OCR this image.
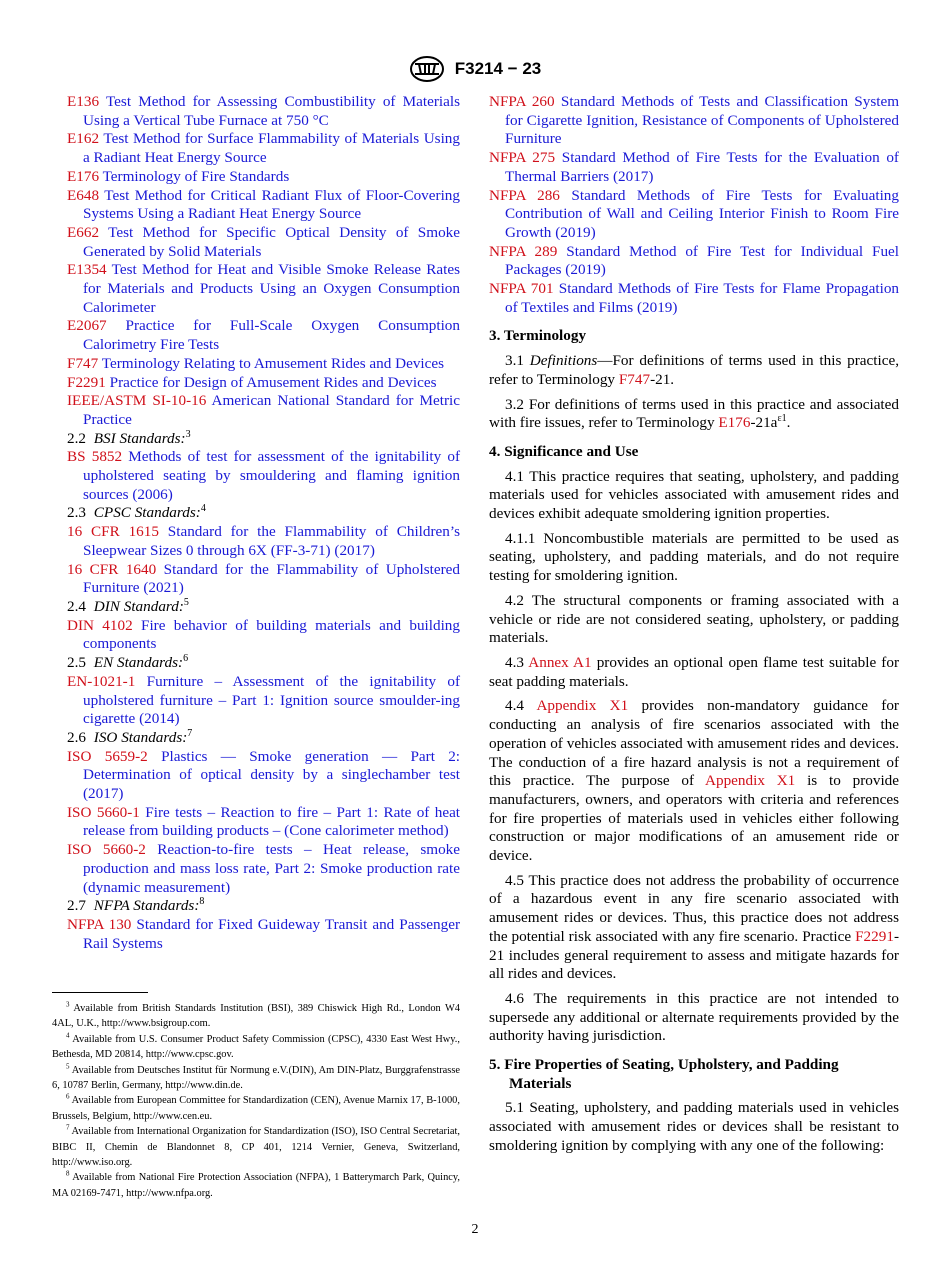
F3214 − 23

E136 Test Method for Assessing Combustibility of Materials Using a Vertical Tube Furnace at 750 °C

E162 Test Method for Surface Flammability of Materials Using a Radiant Heat Energy Source

E176 Terminology of Fire Standards

E648 Test Method for Critical Radiant Flux of Floor-Covering Systems Using a Radiant Heat Energy Source

E662 Test Method for Specific Optical Density of Smoke Generated by Solid Materials

E1354 Test Method for Heat and Visible Smoke Release Rates for Materials and Products Using an Oxygen Consumption Calorimeter

E2067 Practice for Full-Scale Oxygen Consumption Calorimetry Fire Tests

F747 Terminology Relating to Amusement Rides and Devices

F2291 Practice for Design of Amusement Rides and Devices

IEEE/ASTM SI-10-16 American National Standard for Metric Practice

2.2 BSI Standards:$^3$

BS 5852 Methods of test for assessment of the ignitability of upholstered seating by smouldering and flaming ignition sources (2006)

2.3 CPSC Standards:$^4$

16 CFR 1615 Standard for the Flammability of Children’s Sleepwear Sizes 0 through 6X (FF-3-71) (2017)

16 CFR 1640 Standard for the Flammability of Upholstered Furniture (2021)

2.4 DIN Standard:$^5$

DIN 4102 Fire behavior of building materials and building components

2.5 EN Standards:$^6$

EN-1021-1 Furniture – Assessment of the ignitability of upholstered furniture – Part 1: Ignition source smoulder-ing cigarette (2014)

2.6 ISO Standards:$^7$

ISO 5659-2 Plastics — Smoke generation — Part 2: Determination of optical density by a singlechamber test (2017)

ISO 5660-1 Fire tests – Reaction to fire – Part 1: Rate of heat release from building products – (Cone calorimeter method)

ISO 5660-2 Reaction-to-fire tests – Heat release, smoke production and mass loss rate, Part 2: Smoke production rate (dynamic measurement)

2.7 NFPA Standards:$^8$

NFPA 130 Standard for Fixed Guideway Transit and Passenger Rail Systems

NFPA 260 Standard Methods of Tests and Classification System for Cigarette Ignition, Resistance of Components of Upholstered Furniture

NFPA 275 Standard Method of Fire Tests for the Evaluation of Thermal Barriers (2017)

NFPA 286 Standard Methods of Fire Tests for Evaluating Contribution of Wall and Ceiling Interior Finish to Room Fire Growth (2019)

NFPA 289 Standard Method of Fire Test for Individual Fuel Packages (2019)

NFPA 701 Standard Methods of Fire Tests for Flame Propagation of Textiles and Films (2019)

3. Terminology

3.1 Definitions—For definitions of terms used in this practice, refer to Terminology F747-21.

3.2 For definitions of terms used in this practice and associated with fire issues, refer to Terminology $E176-21a^{\varepsilon 1}$.

4. Significance and Use

4.1 This practice requires that seating, upholstery, and padding materials used for vehicles associated with amusement rides and devices exhibit adequate smoldering ignition properties.

4.1.1 Noncombustible materials are permitted to be used as seating, upholstery, and padding materials, and do not require testing for smoldering ignition.

4.2 The structural components or framing associated with a vehicle or ride are not considered seating, upholstery, or padding materials.

4.3 Annex A1 provides an optional open flame test suitable for seat padding materials.

4.4 Appendix X1 provides non-mandatory guidance for conducting an analysis of fire scenarios associated with the operation of vehicles associated with amusement rides and devices. The conduction of a fire hazard analysis is not a requirement of this practice. The purpose of Appendix X1 is to provide manufacturers, owners, and operators with criteria and references for fire properties of materials used in vehicles either following construction or major modifications of an amusement ride or device.

4.5 This practice does not address the probability of occurrence of a hazardous event in any fire scenario associated with amusement rides or devices. Thus, this practice does not address the potential risk associated with any fire scenario. Practice F2291-21 includes general requirement to assess and mitigate hazards for all rides and devices.

4.6 The requirements in this practice are not intended to supersede any additional or alternate requirements provided by the authority having jurisdiction.

5. Fire Properties of Seating, Upholstery, and Padding Materials

5.1 Seating, upholstery, and padding materials used in vehicles associated with amusement rides or devices shall be resistant to smoldering ignition by complying with any one of the following:

$^3$ Available from British Standards Institution (BSI), 389 Chiswick High Rd., London W4 4AL, U.K., http://www.bsigroup.com.

$^4$ Available from U.S. Consumer Product Safety Commission (CPSC), 4330 East West Hwy., Bethesda, MD 20814, http://www.cpsc.gov.

$^5$ Available from Deutsches Institut für Normung e.V.(DIN), Am DIN-Platz, Burggrafenstrasse 6, 10787 Berlin, Germany, http://www.din.de.

$^6$ Available from European Committee for Standardization (CEN), Avenue Marnix 17, B-1000, Brussels, Belgium, http://www.cen.eu.

$^7$ Available from International Organization for Standardization (ISO), ISO Central Secretariat, BIBC II, Chemin de Blandonnet 8, CP 401, 1214 Vernier, Geneva, Switzerland, http://www.iso.org.

$^8$ Available from National Fire Protection Association (NFPA), 1 Batterymarch Park, Quincy, MA 02169-7471, http://www.nfpa.org.

2
